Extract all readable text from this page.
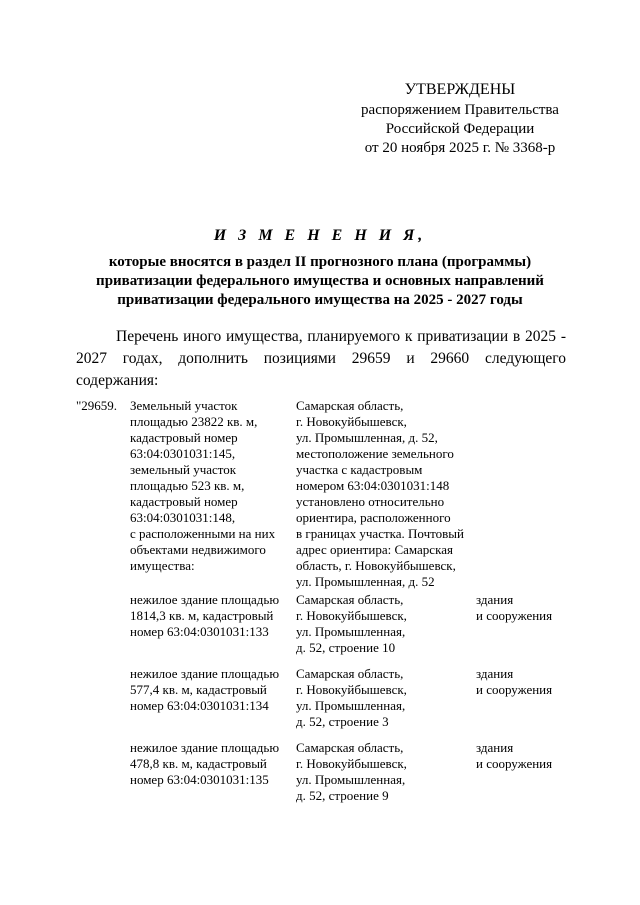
УТВЕРЖДЕНЫ
распоряжением Правительства
Российской Федерации
от 20 ноября 2025 г. № 3368-р
И З М Е Н Е Н И Я,
которые вносятся в раздел II прогнозного плана (программы)
приватизации федерального имущества и основных направлений
приватизации федерального имущества на 2025 - 2027 годы
Перечень иного имущества, планируемого к приватизации в 2025 - 2027 годах, дополнить позициями 29659 и 29660 следующего содержания:
"29659. Земельный участок
площадью 23822 кв. м,
кадастровый номер
63:04:0301031:145,
земельный участок
площадью 523 кв. м,
кадастровый номер
63:04:0301031:148,
с расположенными на них
объектами недвижимого
имущества:
Самарская область,
г. Новокуйбышевск,
ул. Промышленная, д. 52,
местоположение земельного
участка с кадастровым
номером 63:04:0301031:148
установлено относительно
ориентира, расположенного
в границах участка. Почтовый
адрес ориентира: Самарская
область, г. Новокуйбышевск,
ул. Промышленная, д. 52
нежилое здание площадью
1814,3 кв. м, кадастровый
номер 63:04:0301031:133
Самарская область,
г. Новокуйбышевск,
ул. Промышленная,
д. 52, строение 10
здания
и сооружения
нежилое здание площадью
577,4 кв. м, кадастровый
номер 63:04:0301031:134
Самарская область,
г. Новокуйбышевск,
ул. Промышленная,
д. 52, строение 3
здания
и сооружения
нежилое здание площадью
478,8 кв. м, кадастровый
номер 63:04:0301031:135
Самарская область,
г. Новокуйбышевск,
ул. Промышленная,
д. 52, строение 9
здания
и сооружения
